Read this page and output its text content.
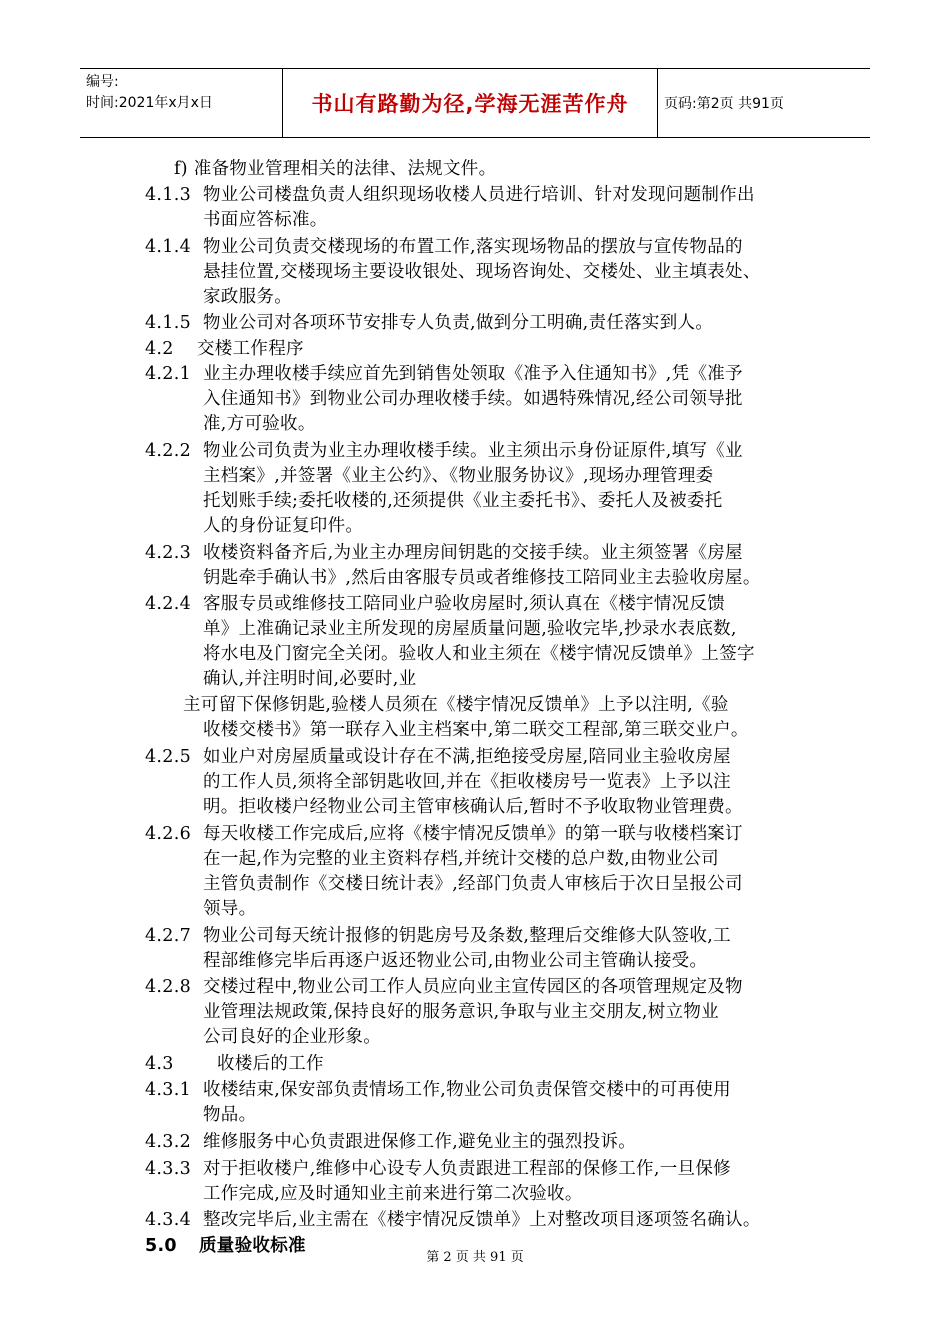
编号:
时间:2021年x月x日	书山有路勤为径,学海无涯苦作舟	页码:第2页 共91页
f) 准备物业管理相关的法律、法规文件。
4.1.3 物业公司楼盘负责人组织现场收楼人员进行培训、针对发现问题制作出
书面应答标准。
4.1.4 物业公司负责交楼现场的布置工作,落实现场物品的摆放与宣传物品的
悬挂位置,交楼现场主要设收银处、现场咨询处、交楼处、业主填表处、
家政服务。
4.1.5 物业公司对各项环节安排专人负责,做到分工明确,责任落实到人。
4.2 交楼工作程序
4.2.1 业主办理收楼手续应首先到销售处领取《准予入住通知书》,凭《准予
入住通知书》到物业公司办理收楼手续。如遇特殊情况,经公司领导批
准,方可验收。
4.2.2 物业公司负责为业主办理收楼手续。业主须出示身份证原件,填写《业
主档案》,并签署《业主公约》、《物业服务协议》,现场办理管理委
托划账手续;委托收楼的,还须提供《业主委托书》、委托人及被委托
人的身份证复印件。
4.2.3 收楼资料备齐后,为业主办理房间钥匙的交接手续。业主须签署《房屋
钥匙牵手确认书》,然后由客服专员或者维修技工陪同业主去验收房屋。
4.2.4 客服专员或维修技工陪同业户验收房屋时,须认真在《楼宇情况反馈
单》上准确记录业主所发现的房屋质量问题,验收完毕,抄录水表底数,
将水电及门窗完全关闭。验收人和业主须在《楼宇情况反馈单》上签字
确认,并注明时间,必要时,业
主可留下保修钥匙,验楼人员须在《楼宇情况反馈单》上予以注明,《验
收楼交楼书》第一联存入业主档案中,第二联交工程部,第三联交业户。
4.2.5 如业户对房屋质量或设计存在不满,拒绝接受房屋,陪同业主验收房屋
的工作人员,须将全部钥匙收回,并在《拒收楼房号一览表》上予以注
明。拒收楼户经物业公司主管审核确认后,暂时不予收取物业管理费。
4.2.6 每天收楼工作完成后,应将《楼宇情况反馈单》的第一联与收楼档案订
在一起,作为完整的业主资料存档,并统计交楼的总户数,由物业公司
主管负责制作《交楼日统计表》,经部门负责人审核后于次日呈报公司
领导。
4.2.7 物业公司每天统计报修的钥匙房号及条数,整理后交维修大队签收,工
程部维修完毕后再逐户返还物业公司,由物业公司主管确认接受。
4.2.8 交楼过程中,物业公司工作人员应向业主宣传园区的各项管理规定及物
业管理法规政策,保持良好的服务意识,争取与业主交朋友,树立物业
公司良好的企业形象。
4.3 收楼后的工作
4.3.1 收楼结束,保安部负责情场工作,物业公司负责保管交楼中的可再使用
物品。
4.3.2 维修服务中心负责跟进保修工作,避免业主的强烈投诉。
4.3.3 对于拒收楼户,维修中心设专人负责跟进工程部的保修工作,一旦保修
工作完成,应及时通知业主前来进行第二次验收。
4.3.4 整改完毕后,业主需在《楼宇情况反馈单》上对整改项目逐项签名确认。
5.0 质量验收标准
第 2 页 共 91 页
